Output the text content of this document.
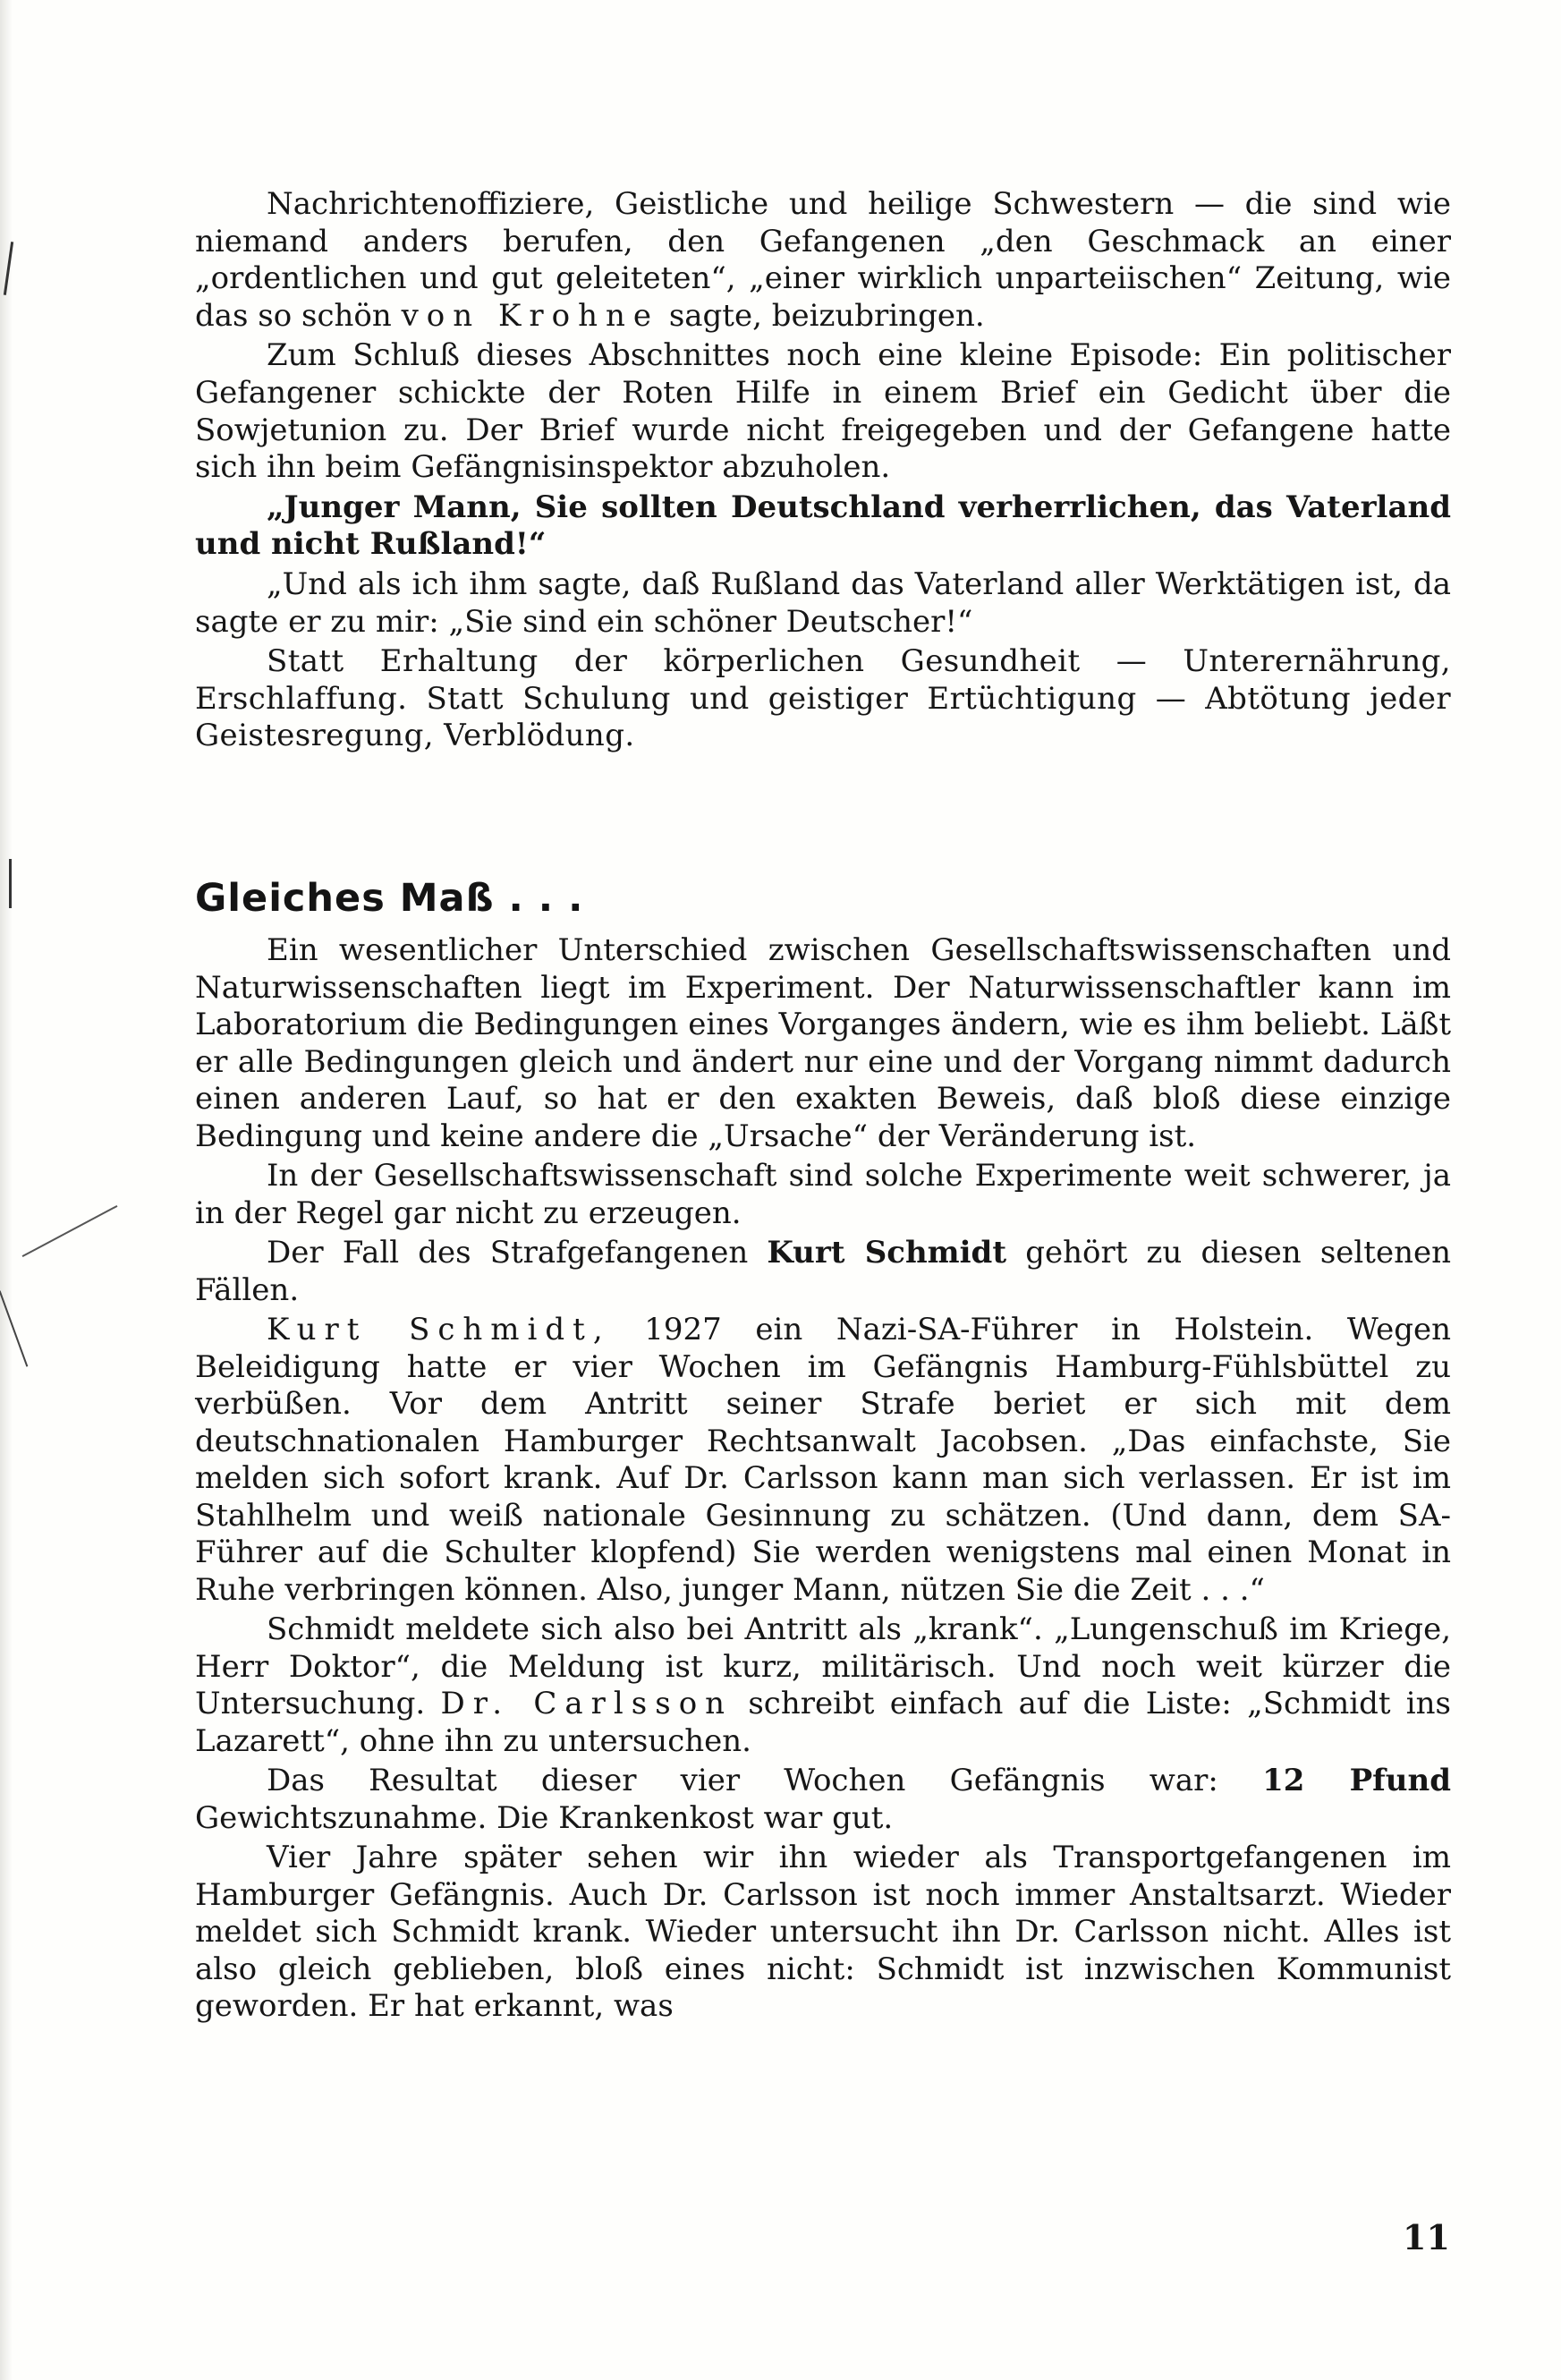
Nachrichtenoffiziere, Geistliche und heilige Schwestern — die sind wie niemand anders berufen, den Gefangenen „den Geschmack an einer „ordentlichen und gut geleiteten“, „einer wirklich unparteiischen“ Zeitung, wie das so schön von Krohne sagte, beizubringen.

Zum Schluß dieses Abschnittes noch eine kleine Episode: Ein politischer Gefangener schickte der Roten Hilfe in einem Brief ein Gedicht über die Sowjetunion zu. Der Brief wurde nicht freigegeben und der Gefangene hatte sich ihn beim Gefängnisinspektor abzuholen.

„Junger Mann, Sie sollten Deutschland verherrlichen, das Vaterland und nicht Rußland!“

„Und als ich ihm sagte, daß Rußland das Vaterland aller Werktätigen ist, da sagte er zu mir: „Sie sind ein schöner Deutscher!“

Statt Erhaltung der körperlichen Gesundheit — Unterernährung, Erschlaffung. Statt Schulung und geistiger Ertüchtigung — Abtötung jeder Geistesregung, Verblödung.

Gleiches Maß . . .

Ein wesentlicher Unterschied zwischen Gesellschaftswissenschaften und Naturwissenschaften liegt im Experiment. Der Naturwissenschaftler kann im Laboratorium die Bedingungen eines Vorganges ändern, wie es ihm beliebt. Läßt er alle Bedingungen gleich und ändert nur eine und der Vorgang nimmt dadurch einen anderen Lauf, so hat er den exakten Beweis, daß bloß diese einzige Bedingung und keine andere die „Ursache“ der Veränderung ist.

In der Gesellschaftswissenschaft sind solche Experimente weit schwerer, ja in der Regel gar nicht zu erzeugen.

Der Fall des Strafgefangenen Kurt Schmidt gehört zu diesen seltenen Fällen.

Kurt Schmidt, 1927 ein Nazi-SA-Führer in Holstein. Wegen Beleidigung hatte er vier Wochen im Gefängnis Hamburg-Fühlsbüttel zu verbüßen. Vor dem Antritt seiner Strafe beriet er sich mit dem deutschnationalen Hamburger Rechtsanwalt Jacobsen. „Das einfachste, Sie melden sich sofort krank. Auf Dr. Carlsson kann man sich verlassen. Er ist im Stahlhelm und weiß nationale Gesinnung zu schätzen. (Und dann, dem SA-Führer auf die Schulter klopfend) Sie werden wenigstens mal einen Monat in Ruhe verbringen können. Also, junger Mann, nützen Sie die Zeit . . .“

Schmidt meldete sich also bei Antritt als „krank“. „Lungenschuß im Kriege, Herr Doktor“, die Meldung ist kurz, militärisch. Und noch weit kürzer die Untersuchung. Dr. Carlsson schreibt einfach auf die Liste: „Schmidt ins Lazarett“, ohne ihn zu untersuchen.

Das Resultat dieser vier Wochen Gefängnis war: 12 Pfund Gewichtszunahme. Die Krankenkost war gut.

Vier Jahre später sehen wir ihn wieder als Transportgefangenen im Hamburger Gefängnis. Auch Dr. Carlsson ist noch immer Anstaltsarzt. Wieder meldet sich Schmidt krank. Wieder untersucht ihn Dr. Carlsson nicht. Alles ist also gleich geblieben, bloß eines nicht: Schmidt ist inzwischen Kommunist geworden. Er hat erkannt, was

11
